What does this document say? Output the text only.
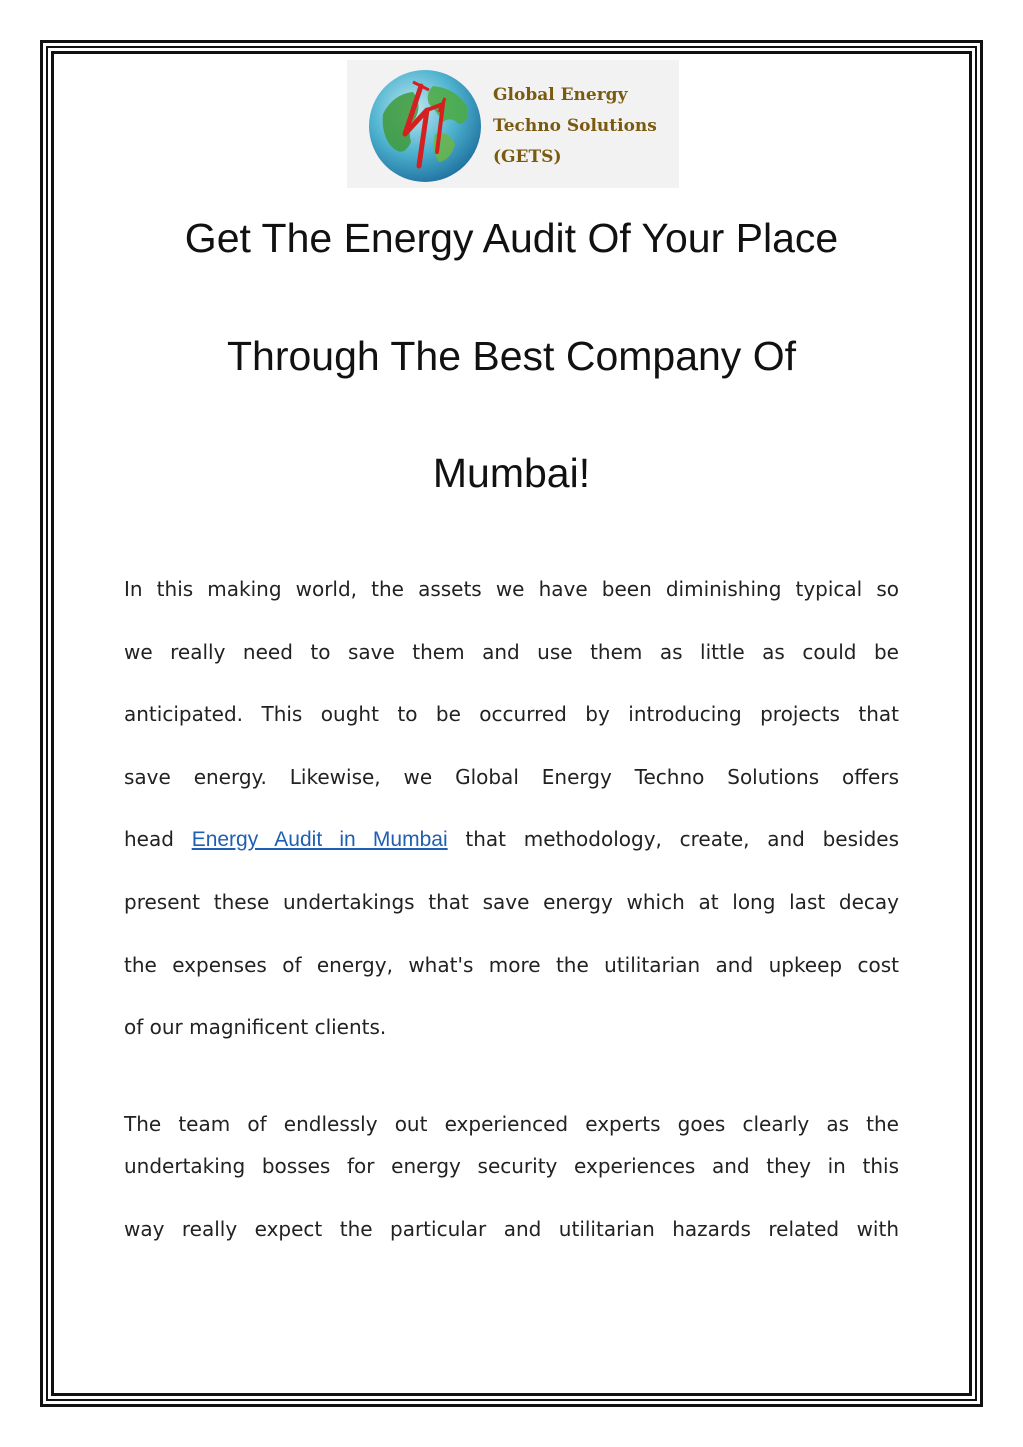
Global Energy
Techno Solutions
(GETS)
Get The Energy Audit Of Your Place
Through The Best Company Of
Mumbai!
In this making world, the assets we have been diminishing typical so
we really need to save them and use them as little as could be
anticipated. This ought to be occurred by introducing projects that
save energy. Likewise, we Global Energy Techno Solutions offers
head Energy Audit in Mumbai that methodology, create, and besides
present these undertakings that save energy which at long last decay
the expenses of energy, what's more the utilitarian and upkeep cost
of our magnificent clients.
The team of endlessly out experienced experts goes clearly as the
undertaking bosses for energy security experiences and they in this
way really expect the particular and utilitarian hazards related with
